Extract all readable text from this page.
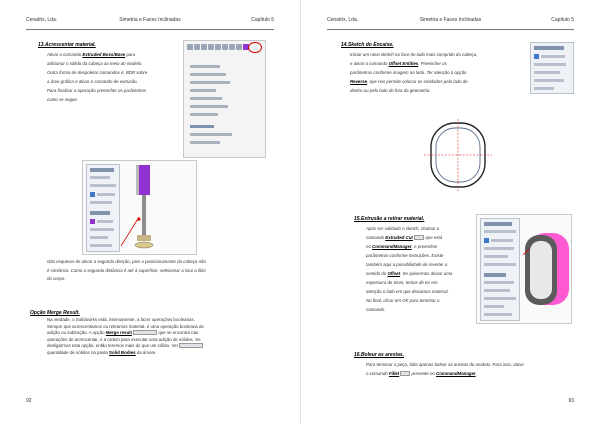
Cenatrix, Lda.	Simetria e Faces Inclinadas	Capítulo 5
13.Acrescentar material.
Ativar o comando Extruded Boss/Base para
adicionar o sólido da cabeça ao meio do modelo.
Outra forma de despoletar comandos é, BDR sobre
a área gráfica e ativar o comando de extrusão.
Para finalizar a operação preencher os parâmetros
como se segue.
Não esquecer de ativar a segunda direção, pois o posicionamento da cabeça não
é simétrico. Como a segunda distância é até à superfície, selecionar a face a lilás
do corpo.
Opção Merge Result.
Na verdade, o Solidworks está, internamente, a fazer operações booleanas.
Sempre que acrescentamos ou retiramos material, é uma operação booleana de
adição ou subtração. A opção Merge result	que se encontra nas
operações de acrescentar, é a ordem para executar uma adição de sólidos. Se
desligarmos esta opção, então teremos mais do que um sólido. Ver
quantidade de sólidos na pasta Solid Bodies da árvore.
92
Cenatrix, Lda.	Simetria e Faces Inclinadas	Capítulo 5
14.Sketch do Encaixe.
Iniciar um novo sketch na face do lado mais comprido da cabeça,
e ativar o comando Offset Entities. Preencher os
parâmetros conforme imagem ao lado. Ter atenção à opção
Reverse, que nos permite colocar as entidades pelo lado de
dentro ou pelo lado de fora da geometria.
15.Extrusão a retirar material.
Após ser validado o sketch, chamar o
comando Extruded Cut	que está
no CommandManager, e preencher
parâmetros conforme instruções. Existe
também aqui a possibilidade de inverter o
sentido do Offset. Se quisermos deixar uma
espessura de 5mm, temos de ter em
atenção o lado em que deixamos material.
No final, clicar em OK para terminar o
comando.
16.Boleur as arestas.
Para terminar a peça, falta apenas bolear as arestas do modelo. Para isso, ativar
o comando Fillet	presente no CommandManager.
93
